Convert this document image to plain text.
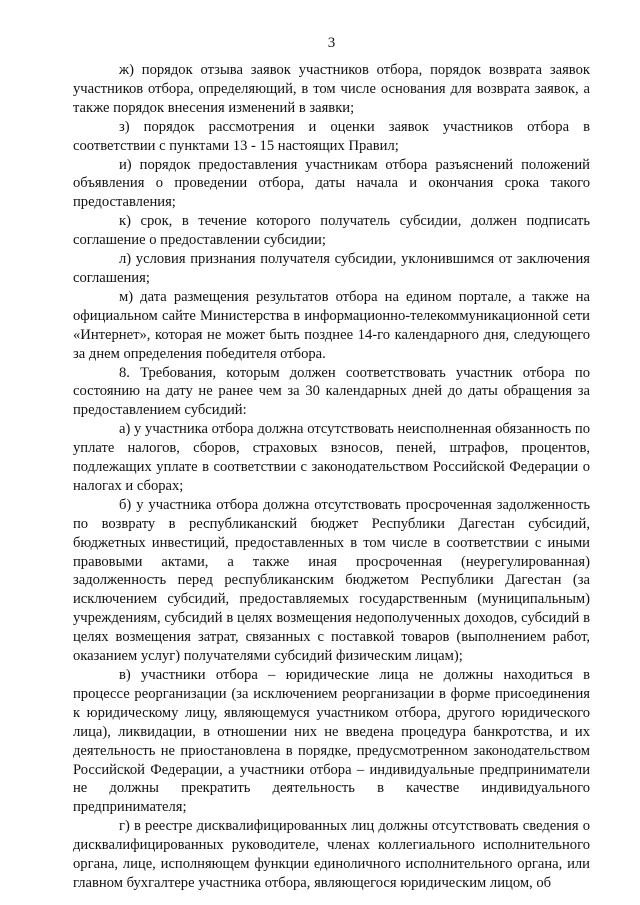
3

ж) порядок отзыва заявок участников отбора, порядок возврата заявок участников отбора, определяющий, в том числе основания для возврата заявок, а также порядок внесения изменений в заявки;

з) порядок рассмотрения и оценки заявок участников отбора в соответствии с пунктами 13 - 15 настоящих Правил;

и) порядок предоставления участникам отбора разъяснений положений объявления о проведении отбора, даты начала и окончания срока такого предоставления;

к) срок, в течение которого получатель субсидии, должен подписать соглашение о предоставлении субсидии;

л) условия признания получателя субсидии, уклонившимся от заключения соглашения;

м) дата размещения результатов отбора на едином портале, а также на официальном сайте Министерства в информационно-телекоммуникационной сети «Интернет», которая не может быть позднее 14-го календарного дня, следующего за днем определения победителя отбора.

8. Требования, которым должен соответствовать участник отбора по состоянию на дату не ранее чем за 30 календарных дней до даты обращения за предоставлением субсидий:

а) у участника отбора должна отсутствовать неисполненная обязанность по уплате налогов, сборов, страховых взносов, пеней, штрафов, процентов, подлежащих уплате в соответствии с законодательством Российской Федерации о налогах и сборах;

б) у участника отбора должна отсутствовать просроченная задолженность по возврату в республиканский бюджет Республики Дагестан субсидий, бюджетных инвестиций, предоставленных в том числе в соответствии с иными правовыми актами, а также иная просроченная (неурегулированная) задолженность перед республиканским бюджетом Республики Дагестан (за исключением субсидий, предоставляемых государственным (муниципальным) учреждениям, субсидий в целях возмещения недополученных доходов, субсидий в целях возмещения затрат, связанных с поставкой товаров (выполнением работ, оказанием услуг) получателями субсидий физическим лицам);

в) участники отбора – юридические лица не должны находиться в процессе реорганизации (за исключением реорганизации в форме присоединения к юридическому лицу, являющемуся участником отбора, другого юридического лица), ликвидации, в отношении них не введена процедура банкротства, и их деятельность не приостановлена в порядке, предусмотренном законодательством Российской Федерации, а участники отбора – индивидуальные предприниматели не должны прекратить деятельность в качестве индивидуального предпринимателя;

г) в реестре дисквалифицированных лиц должны отсутствовать сведения о дисквалифицированных руководителе, членах коллегиального исполнительного органа, лице, исполняющем функции единоличного исполнительного органа, или главном бухгалтере участника отбора, являющегося юридическим лицом, об
